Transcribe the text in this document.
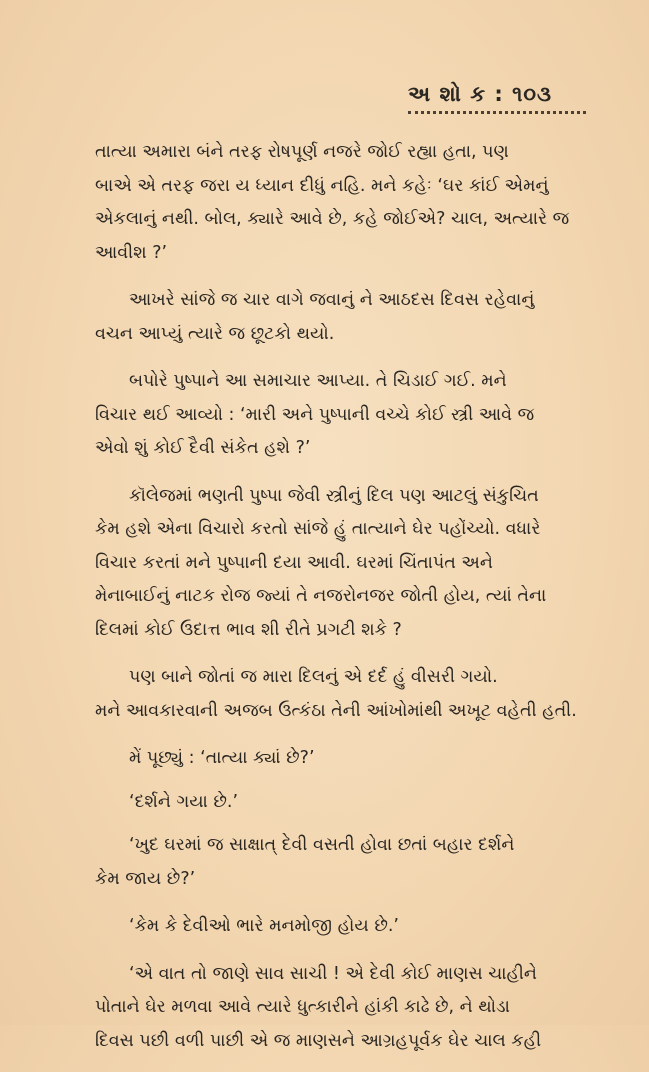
અ શો ક : ૧૦૩
તાત્યા અમારા બંને તરફ રોષપૂર્ણ નજરે જોઈ રહ્યા હતા, પણ
બાએ એ તરફ જરા ય ધ્યાન દીધું નહિ. મને કહેઃ ‘ઘર કાંઈ એમનું
એકલાનું નથી. બોલ, ક્યારે આવે છે, કહે જોઈએ? ચાલ, અત્યારે જ
આવીશ ?’
આખરે સાંજે જ ચાર વાગે જવાનું ને આઠદસ દિવસ રહેવાનું
વચન આપ્યું ત્યારે જ છૂટકો થયો.
બપોરે પુષ્પાને આ સમાચાર આપ્યા. તે ચિડાઈ ગઈ. મને
વિચાર થઈ આવ્યો : ‘મારી અને પુષ્પાની વચ્ચે કોઈ સ્ત્રી આવે જ
એવો શું કોઈ દૈવી સંકેત હશે ?’
કૉલેજમાં ભણતી પુષ્પા જેવી સ્ત્રીનું દિલ પણ આટલું સંકુચિત
કેમ હશે એના વિચારો કરતો સાંજે હું તાત્યાને ઘેર પહોંચ્યો. વધારે
વિચાર કરતાં મને પુષ્પાની દયા આવી. ઘરમાં ચિંતાપંત અને
મેનાબાઈનું નાટક રોજ જ્યાં તે નજરોનજર જોતી હોય, ત્યાં તેના
દિલમાં કોઈ ઉદાત્ત ભાવ શી રીતે પ્રગટી શકે ?
પણ બાને જોતાં જ મારા દિલનું એ દર્દ હું વીસરી ગયો.
મને આવકારવાની અજબ ઉત્કંઠા તેની આંખોમાંથી અખૂટ વહેતી હતી.
મેં પૂછ્યું : ‘તાત્યા ક્યાં છે?’
‘દર્શને ગયા છે.’
‘ખુદ ઘરમાં જ સાક્ષાત્ દેવી વસતી હોવા છતાં બહાર દર્શને
કેમ જાય છે?’
‘કેમ કે દેવીઓ ભારે મનમોજી હોય છે.’
‘એ વાત તો જાણે સાવ સાચી ! એ દેવી કોઈ માણસ ચાહીને
પોતાને ઘેર મળવા આવે ત્યારે ધુત્કારીને હાંકી કાઢે છે, ને થોડા
દિવસ પછી વળી પાછી એ જ માણસને આગ્રહપૂર્વક ઘેર ચાલ કહી
